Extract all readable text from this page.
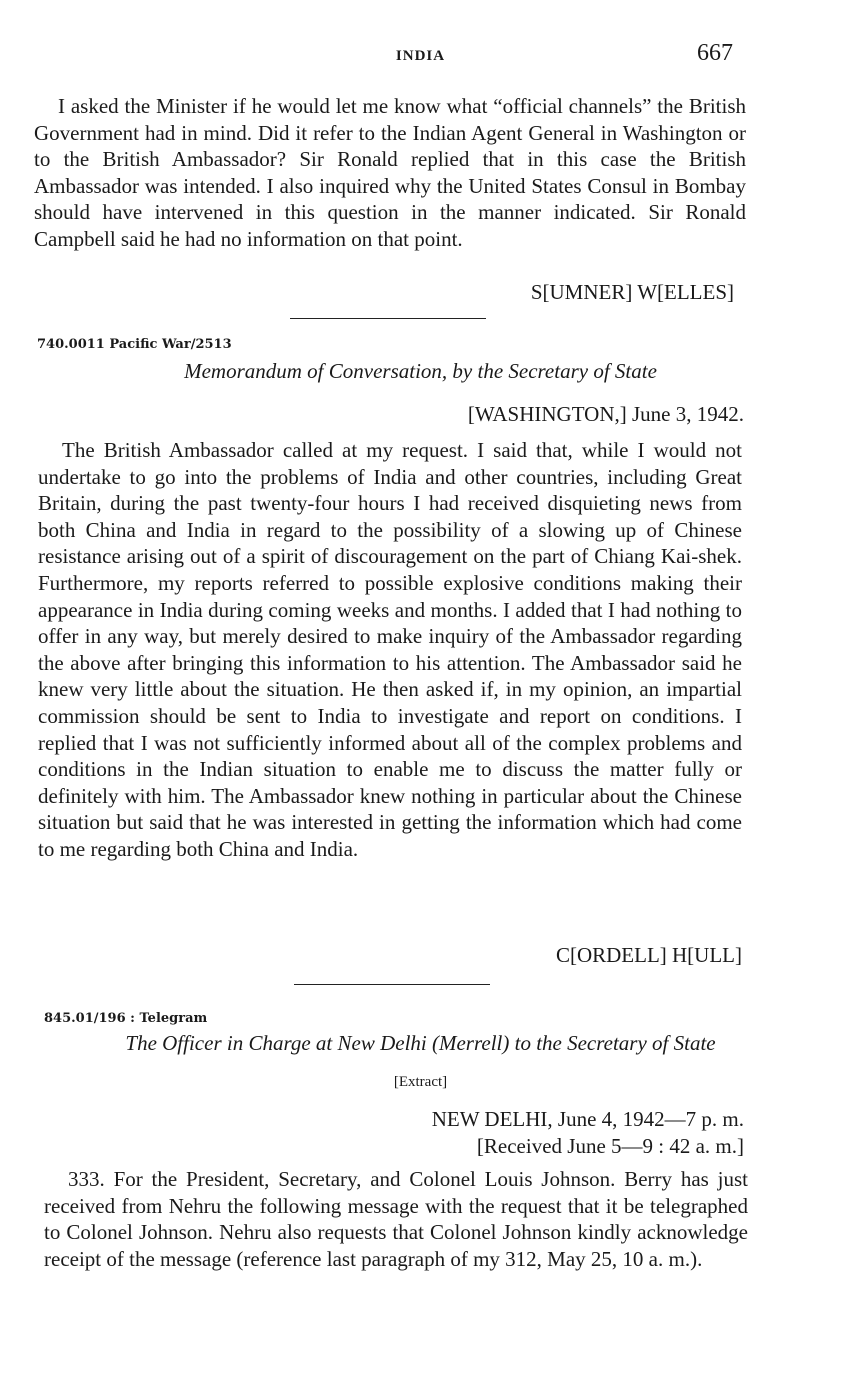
INDIA	667

I asked the Minister if he would let me know what “official channels” the British Government had in mind. Did it refer to the Indian Agent General in Washington or to the British Ambassador? Sir Ronald replied that in this case the British Ambassador was intended. I also inquired why the United States Consul in Bombay should have intervened in this question in the manner indicated. Sir Ronald Campbell said he had no information on that point.

S[UMNER] W[ELLES]
740.0011 Pacific War/2513
Memorandum of Conversation, by the Secretary of State
[WASHINGTON,] June 3, 1942.

The British Ambassador called at my request. I said that, while I would not undertake to go into the problems of India and other countries, including Great Britain, during the past twenty-four hours I had received disquieting news from both China and India in regard to the possibility of a slowing up of Chinese resistance arising out of a spirit of discouragement on the part of Chiang Kai-shek. Furthermore, my reports referred to possible explosive conditions making their appearance in India during coming weeks and months. I added that I had nothing to offer in any way, but merely desired to make inquiry of the Ambassador regarding the above after bringing this information to his attention. The Ambassador said he knew very little about the situation. He then asked if, in my opinion, an impartial commission should be sent to India to investigate and report on conditions. I replied that I was not sufficiently informed about all of the complex problems and conditions in the Indian situation to enable me to discuss the matter fully or definitely with him. The Ambassador knew nothing in particular about the Chinese situation but said that he was interested in getting the information which had come to me regarding both China and India.

C[ORDELL] H[ULL]
845.01/196 : Telegram
The Officer in Charge at New Delhi (Merrell) to the Secretary of State
[Extract]
NEW DELHI, June 4, 1942—7 p. m.
[Received June 5—9 : 42 a. m.]

333. For the President, Secretary, and Colonel Louis Johnson. Berry has just received from Nehru the following message with the request that it be telegraphed to Colonel Johnson. Nehru also requests that Colonel Johnson kindly acknowledge receipt of the message (reference last paragraph of my 312, May 25, 10 a. m.).
